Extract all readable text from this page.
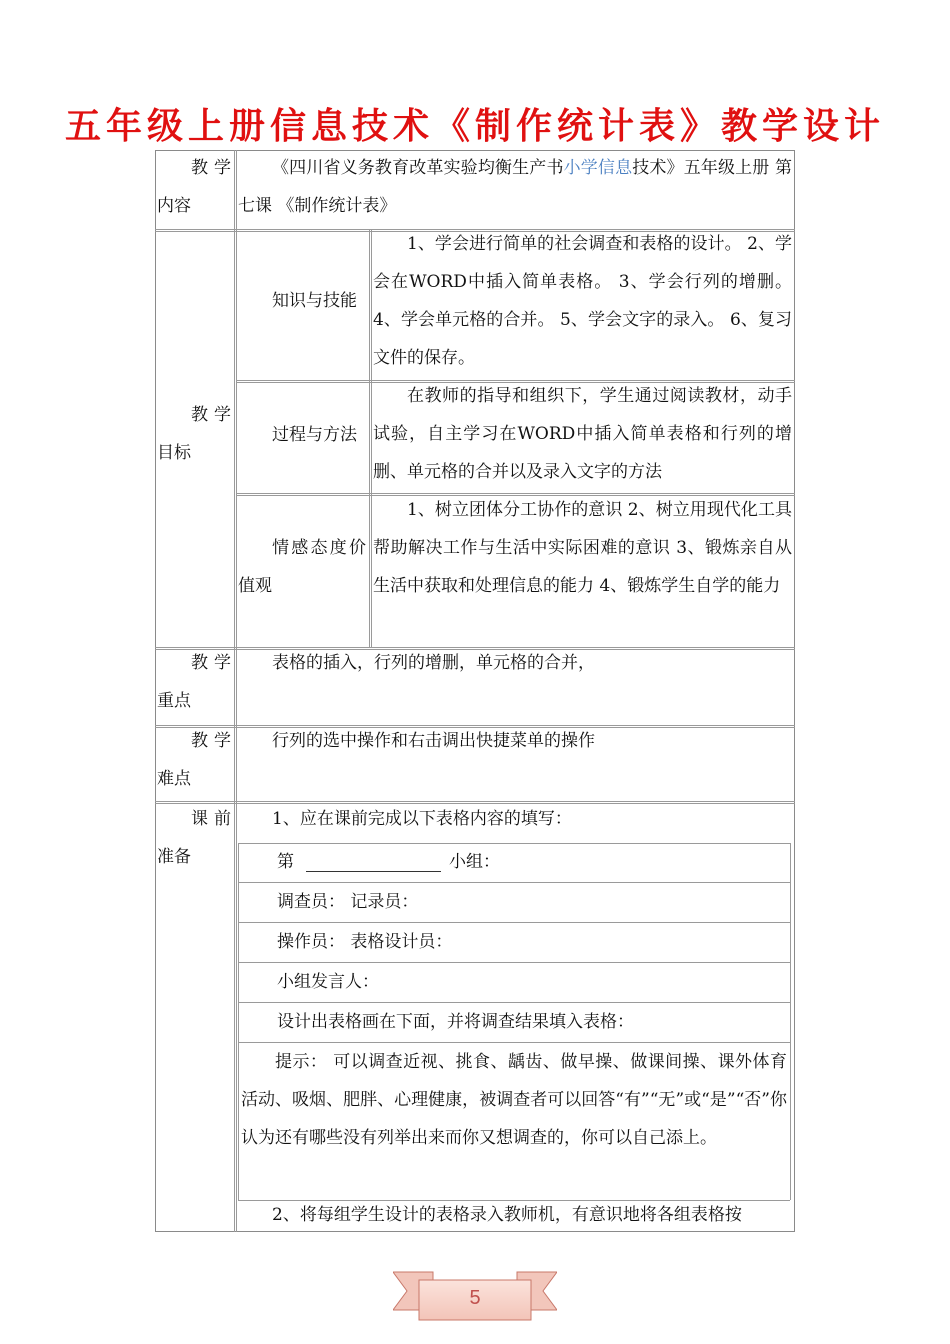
五年级上册信息技术《制作统计表》教学设计
教学内容
《四川省义务教育改革实验均衡生产书小学信息技术》五年级上册 第七课 《制作统计表》
教学目标
知识与技能
1、学会进行简单的社会调查和表格的设计。 2、学会在WORD中插入简单表格。 3、学会行列的增删。 4、学会单元格的合并。 5、学会文字的录入。 6、复习文件的保存。
过程与方法
在教师的指导和组织下，学生通过阅读教材，动手试验，自主学习在WORD中插入简单表格和行列的增删、单元格的合并以及录入文字的方法
情感态度价值观
1、树立团体分工协作的意识 2、树立用现代化工具帮助解决工作与生活中实际困难的意识 3、锻炼亲自从生活中获取和处理信息的能力 4、锻炼学生自学的能力
教学重点
表格的插入，行列的增删，单元格的合并，
教学难点
行列的选中操作和右击调出快捷菜单的操作
课前准备
1、应在课前完成以下表格内容的填写：
第	小组：
调查员： 记录员：
操作员： 表格设计员：
小组发言人：
设计出表格画在下面，并将调查结果填入表格：
提示： 可以调查近视、挑食、龋齿、做早操、做课间操、课外体育活动、吸烟、肥胖、心理健康，被调查者可以回答“有”“无”或“是”“否”你认为还有哪些没有列举出来而你又想调查的，你可以自己添上。
2、将每组学生设计的表格录入教师机，有意识地将各组表格按
5
